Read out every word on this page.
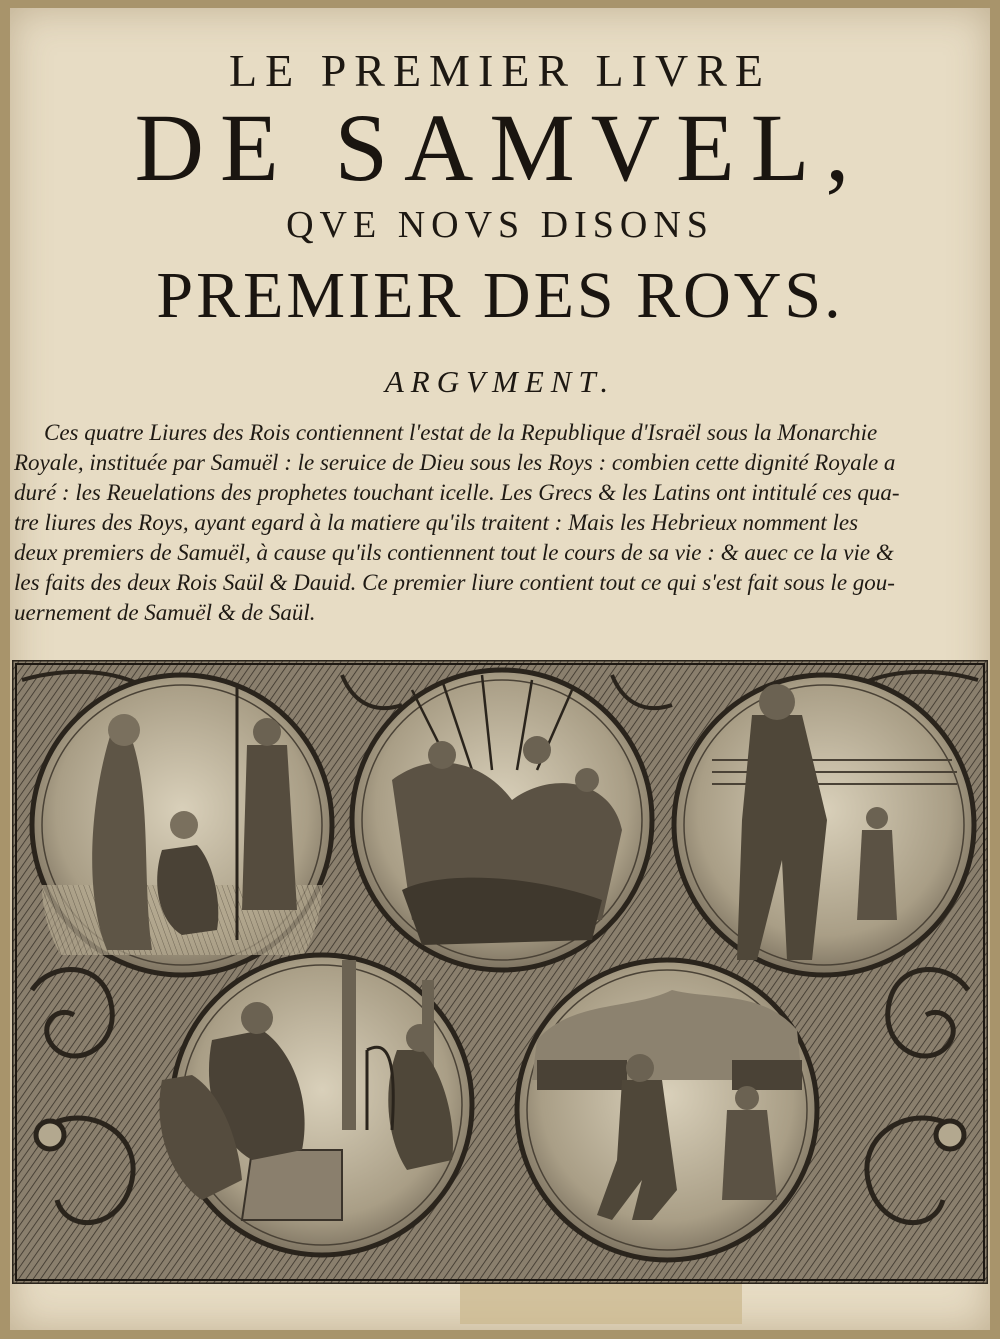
LE PREMIER LIVRE
DE SAMVEL,
QVE NOVS DISONS
PREMIER DES ROYS.
ARGVMENT.
Ces quatre Liures des Rois contiennent l'estat de la Republique d'Israël sous la Monarchie
Royale, instituée par Samuël : le seruice de Dieu sous les Roys : combien cette dignité Royale a
duré : les Reuelations des prophetes touchant icelle. Les Grecs & les Latins ont intitulé ces qua-
tre liures des Roys, ayant egard à la matiere qu'ils traitent : Mais les Hebrieux nomment les
deux premiers de Samuël, à cause qu'ils contiennent tout le cours de sa vie : & auec ce la vie &
les faits des deux Rois Saül & Dauid. Ce premier liure contient tout ce qui s'est fait sous le gou-
uernement de Samuël & de Saül.
